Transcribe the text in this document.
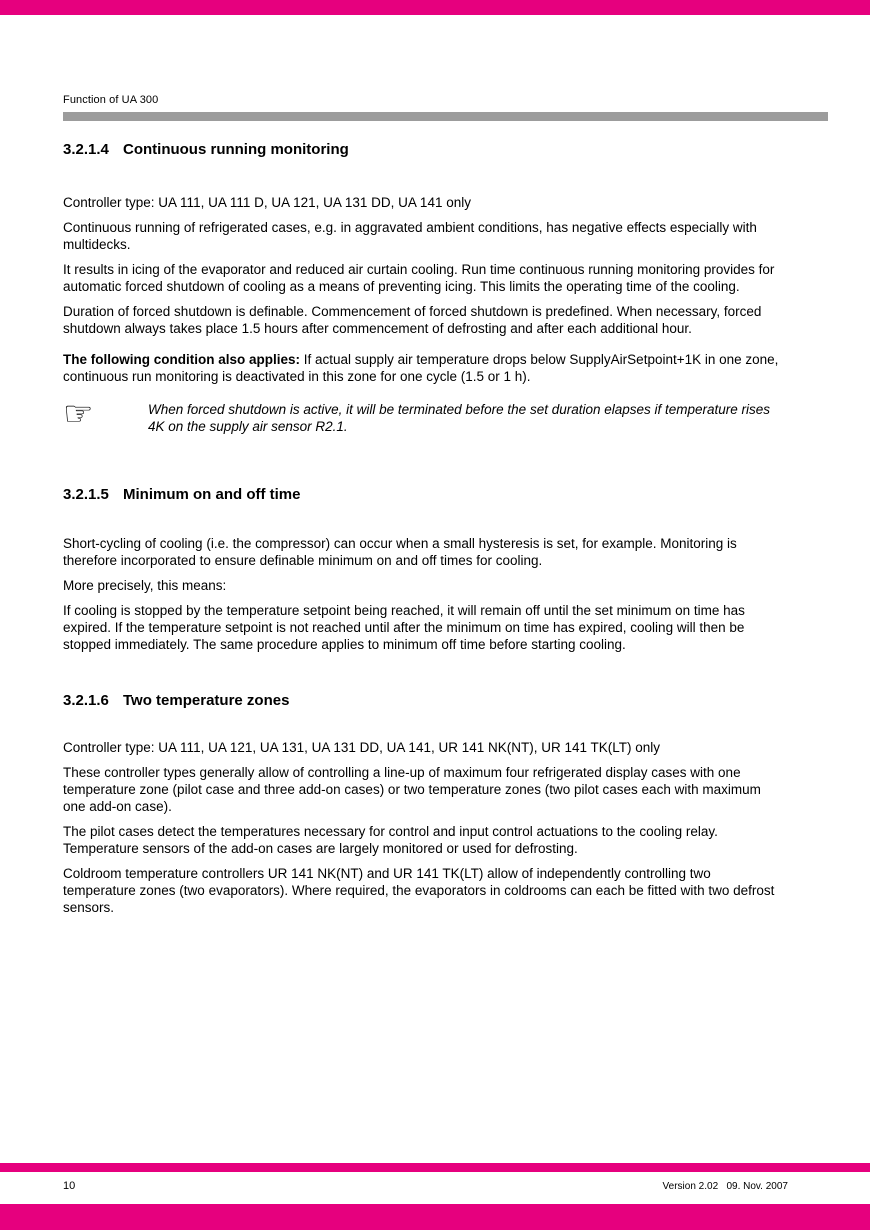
Function of UA 300
3.2.1.4 Continuous running monitoring

Controller type: UA 111, UA 111 D, UA 121, UA 131 DD, UA 141 only

Continuous running of refrigerated cases, e.g. in aggravated ambient conditions, has negative effects especially with multidecks.

It results in icing of the evaporator and reduced air curtain cooling. Run time continuous running monitoring provides for automatic forced shutdown of cooling as a means of preventing icing. This limits the operating time of the cooling.

Duration of forced shutdown is definable. Commencement of forced shutdown is predefined. When necessary, forced shutdown always takes place 1.5 hours after commencement of defrosting and after each additional hour.

The following condition also applies: If actual supply air temperature drops below SupplyAirSetpoint+1K in one zone, continuous run monitoring is deactivated in this zone for one cycle (1.5 or 1 h).

☞	When forced shutdown is active, it will be terminated before the set duration elapses if temperature rises 4K on the supply air sensor R2.1.
3.2.1.5 Minimum on and off time

Short-cycling of cooling (i.e. the compressor) can occur when a small hysteresis is set, for example. Monitoring is therefore incorporated to ensure definable minimum on and off times for cooling.

More precisely, this means:

If cooling is stopped by the temperature setpoint being reached, it will remain off until the set minimum on time has expired. If the temperature setpoint is not reached until after the minimum on time has expired, cooling will then be stopped immediately. The same procedure applies to minimum off time before starting cooling.

3.2.1.6 Two temperature zones

Controller type: UA 111, UA 121, UA 131, UA 131 DD, UA 141, UR 141 NK(NT), UR 141 TK(LT) only

These controller types generally allow of controlling a line-up of maximum four refrigerated display cases with one temperature zone (pilot case and three add-on cases) or two temperature zones (two pilot cases each with maximum one add-on case).

The pilot cases detect the temperatures necessary for control and input control actuations to the cooling relay. Temperature sensors of the add-on cases are largely monitored or used for defrosting.

Coldroom temperature controllers UR 141 NK(NT) and UR 141 TK(LT) allow of independently controlling two temperature zones (two evaporators). Where required, the evaporators in coldrooms can each be fitted with two defrost sensors.

10	Version 2.02   09. Nov. 2007
